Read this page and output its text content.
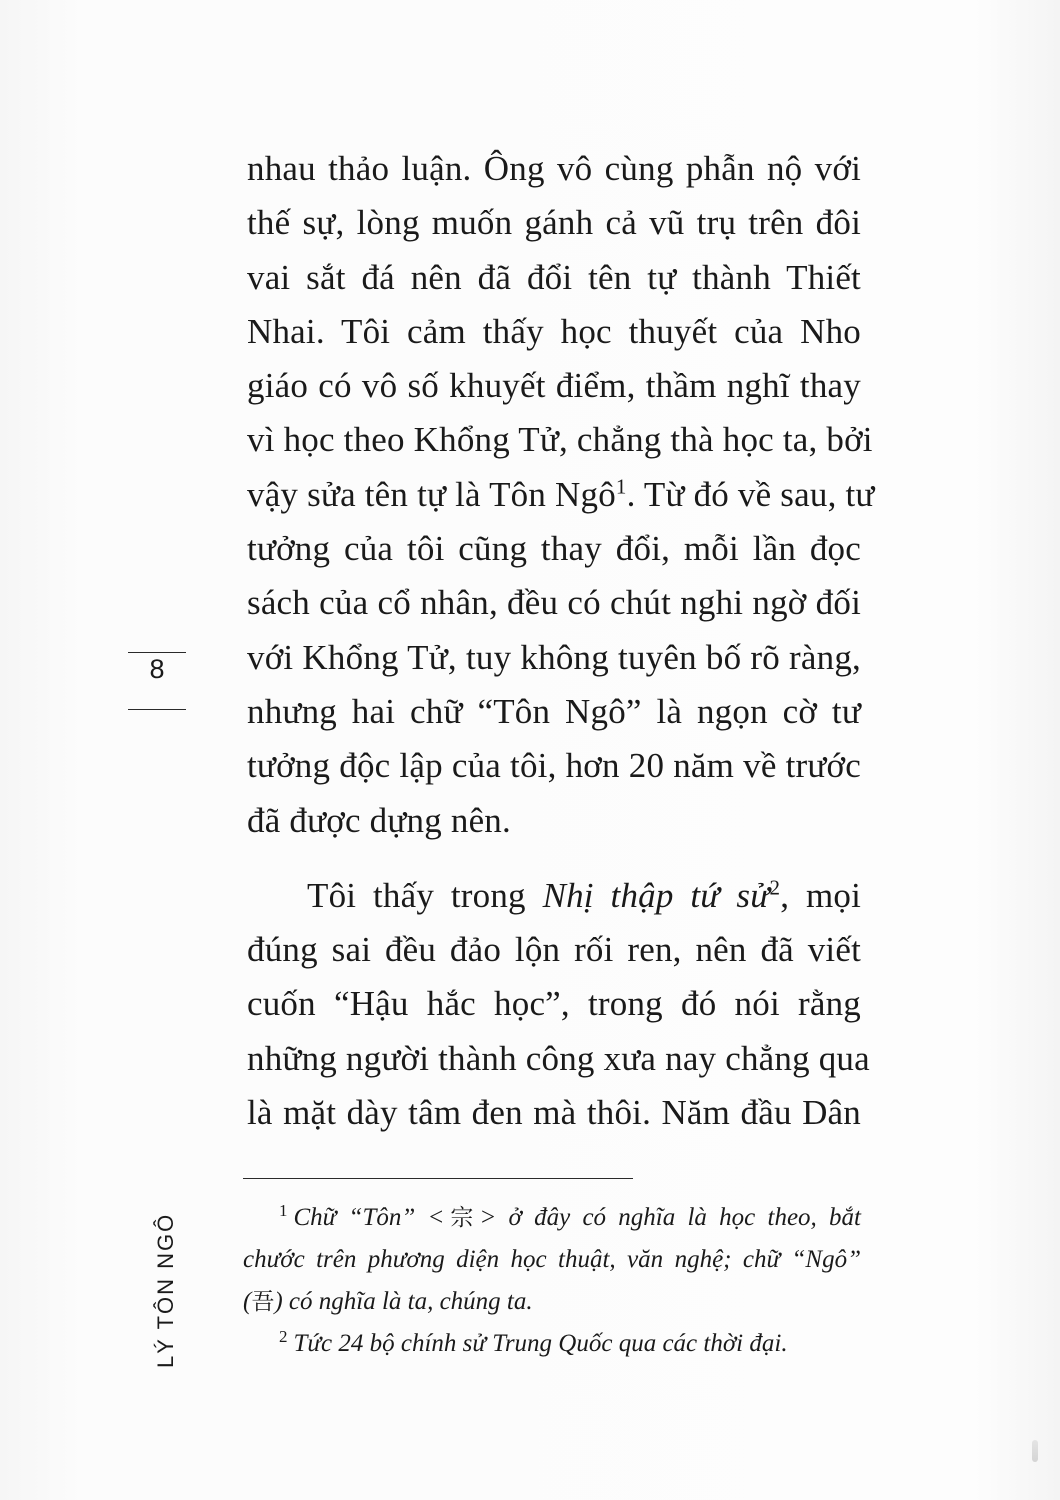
8
LÝ TÔN NGÔ
nhau thảo luận. Ông vô cùng phẫn nộ với
thế sự, lòng muốn gánh cả vũ trụ trên đôi
vai sắt đá nên đã đổi tên tự thành Thiết
Nhai. Tôi cảm thấy học thuyết của Nho
giáo có vô số khuyết điểm, thầm nghĩ thay
vì học theo Khổng Tử, chẳng thà học ta, bởi
vậy sửa tên tự là Tôn Ngô$^1$. Từ đó về sau, tư
tưởng của tôi cũng thay đổi, mỗi lần đọc
sách của cổ nhân, đều có chút nghi ngờ đối
với Khổng Tử, tuy không tuyên bố rõ ràng,
nhưng hai chữ “Tôn Ngô” là ngọn cờ tư
tưởng độc lập của tôi, hơn 20 năm về trước
đã được dựng nên.
Tôi thấy trong Nhị thập tứ sử$^2$, mọi
đúng sai đều đảo lộn rối ren, nên đã viết
cuốn “Hậu hắc học”, trong đó nói rằng
những người thành công xưa nay chẳng qua
là mặt dày tâm đen mà thôi. Năm đầu Dân
$^1$ Chữ “Tôn” <宗> ở đây có nghĩa là học theo, bắt
chước trên phương diện học thuật, văn nghệ; chữ “Ngô”
(吾) có nghĩa là ta, chúng ta.
$^2$ Tức 24 bộ chính sử Trung Quốc qua các thời đại.
